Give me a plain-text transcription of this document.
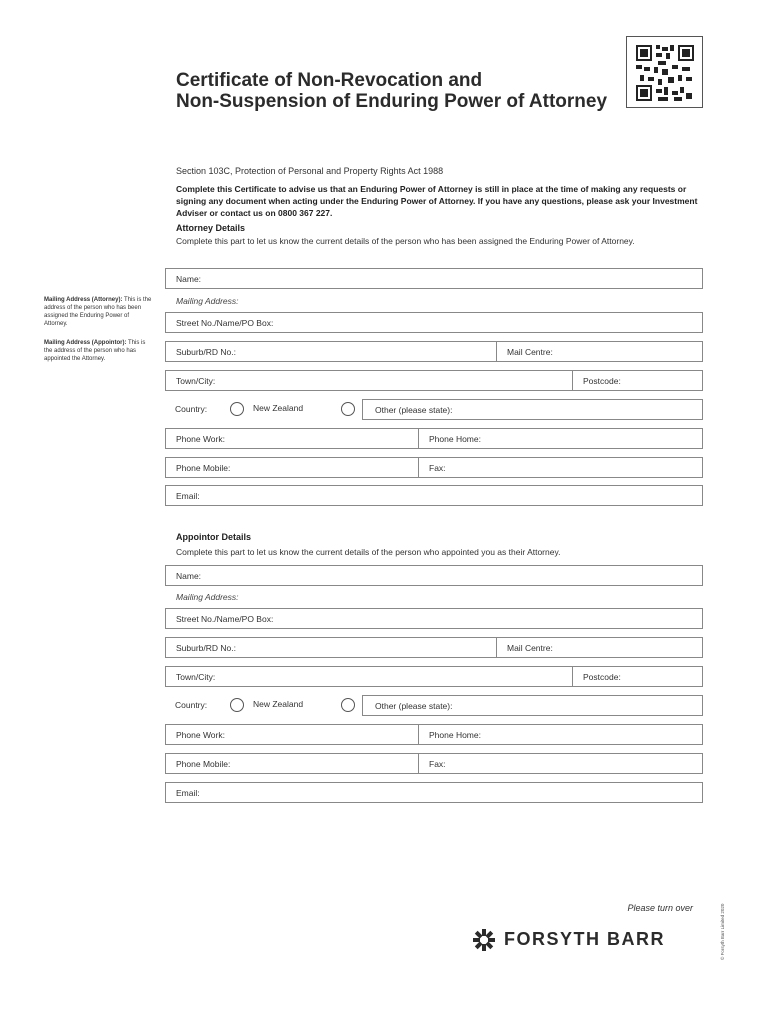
Certificate of Non-Revocation and
Non-Suspension of Enduring Power of Attorney
Section 103C, Protection of Personal and Property Rights Act 1988
Complete this Certificate to advise us that an Enduring Power of Attorney is still in place at the time of making any requests or signing any document when acting under the Enduring Power of Attorney. If you have any questions, please ask your Investment Adviser or contact us on 0800 367 227.
Attorney Details
Complete this part to let us know the current details of the person who has been assigned the Enduring Power of Attorney.
Mailing Address (Attorney): This is the address of the person who has been assigned the Enduring Power of Attorney.
Mailing Address (Appointor): This is the address of the person who has appointed the Attorney.
Name:
Mailing Address:
Street No./Name/PO Box:
Suburb/RD No.:	Mail Centre:
Town/City:	Postcode:
Country:	New Zealand	Other (please state):
Phone Work:	Phone Home:
Phone Mobile:	Fax:
Email:
Appointor Details
Complete this part to let us know the current details of the person who appointed you as their Attorney.
Name:
Mailing Address:
Street No./Name/PO Box:
Suburb/RD No.:	Mail Centre:
Town/City:	Postcode:
Country:	New Zealand	Other (please state):
Phone Work:	Phone Home:
Phone Mobile:	Fax:
Email:
Please turn over
FORSYTH BARR	© Forsyth Barr Limited 2020
